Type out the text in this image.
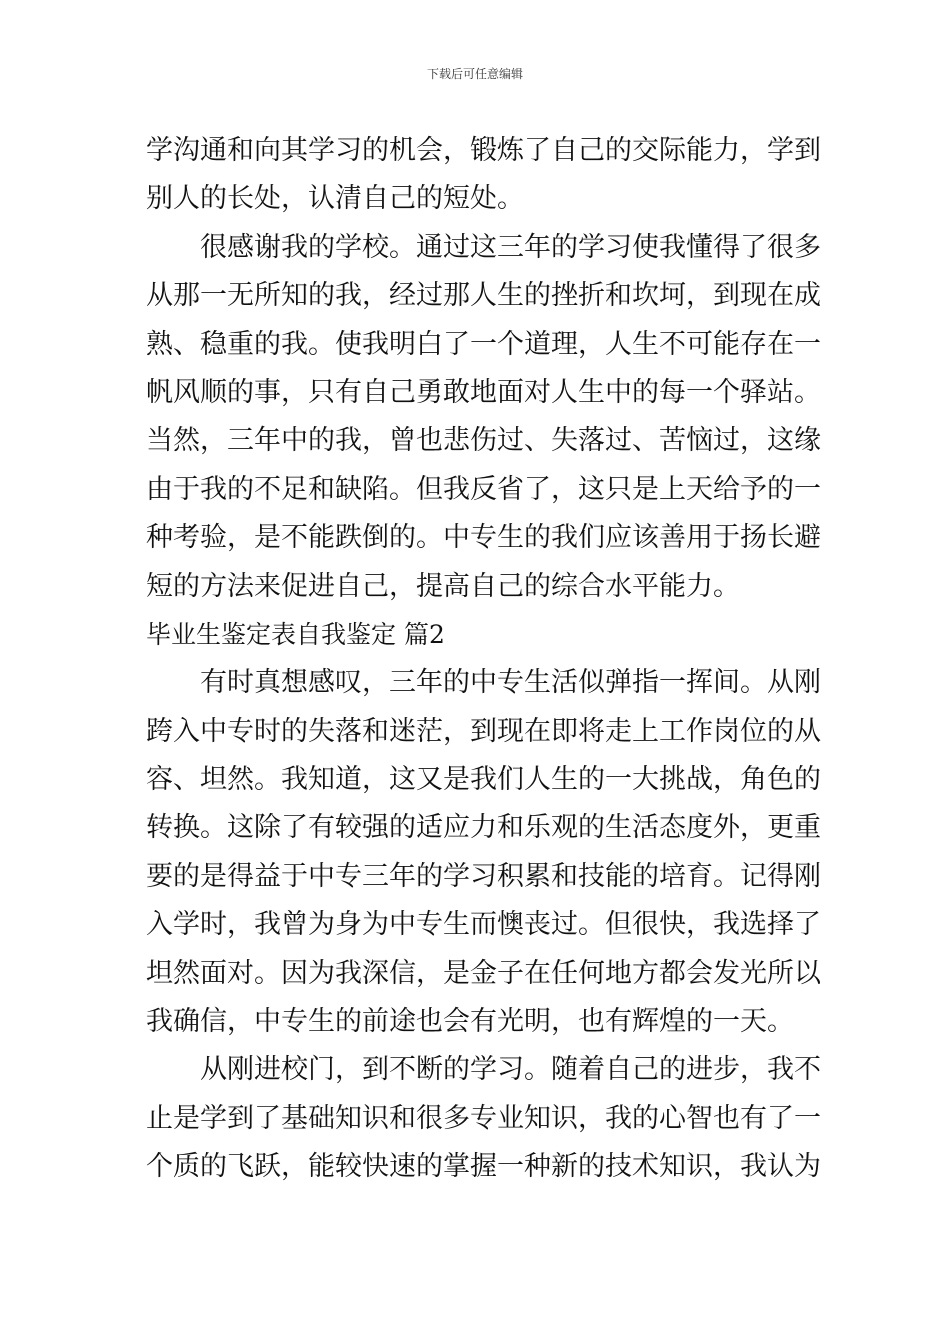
下载后可任意编辑
学沟通和向其学习的机会，锻炼了自己的交际能力，学到
别人的长处，认清自己的短处。
很感谢我的学校。通过这三年的学习使我懂得了很多
从那一无所知的我，经过那人生的挫折和坎坷，到现在成
熟、稳重的我。使我明白了一个道理，人生不可能存在一
帆风顺的事，只有自己勇敢地面对人生中的每一个驿站。
当然，三年中的我，曾也悲伤过、失落过、苦恼过，这缘
由于我的不足和缺陷。但我反省了，这只是上天给予的一
种考验，是不能跌倒的。中专生的我们应该善用于扬长避
短的方法来促进自己，提高自己的综合水平能力。
毕业生鉴定表自我鉴定 篇2
有时真想感叹，三年的中专生活似弹指一挥间。从刚
跨入中专时的失落和迷茫，到现在即将走上工作岗位的从
容、坦然。我知道，这又是我们人生的一大挑战，角色的
转换。这除了有较强的适应力和乐观的生活态度外，更重
要的是得益于中专三年的学习积累和技能的培育。记得刚
入学时，我曾为身为中专生而懊丧过。但很快，我选择了
坦然面对。因为我深信，是金子在任何地方都会发光所以
我确信，中专生的前途也会有光明，也有辉煌的一天。
从刚进校门，到不断的学习。随着自己的进步，我不
止是学到了基础知识和很多专业知识，我的心智也有了一
个质的飞跃，能较快速的掌握一种新的技术知识，我认为
